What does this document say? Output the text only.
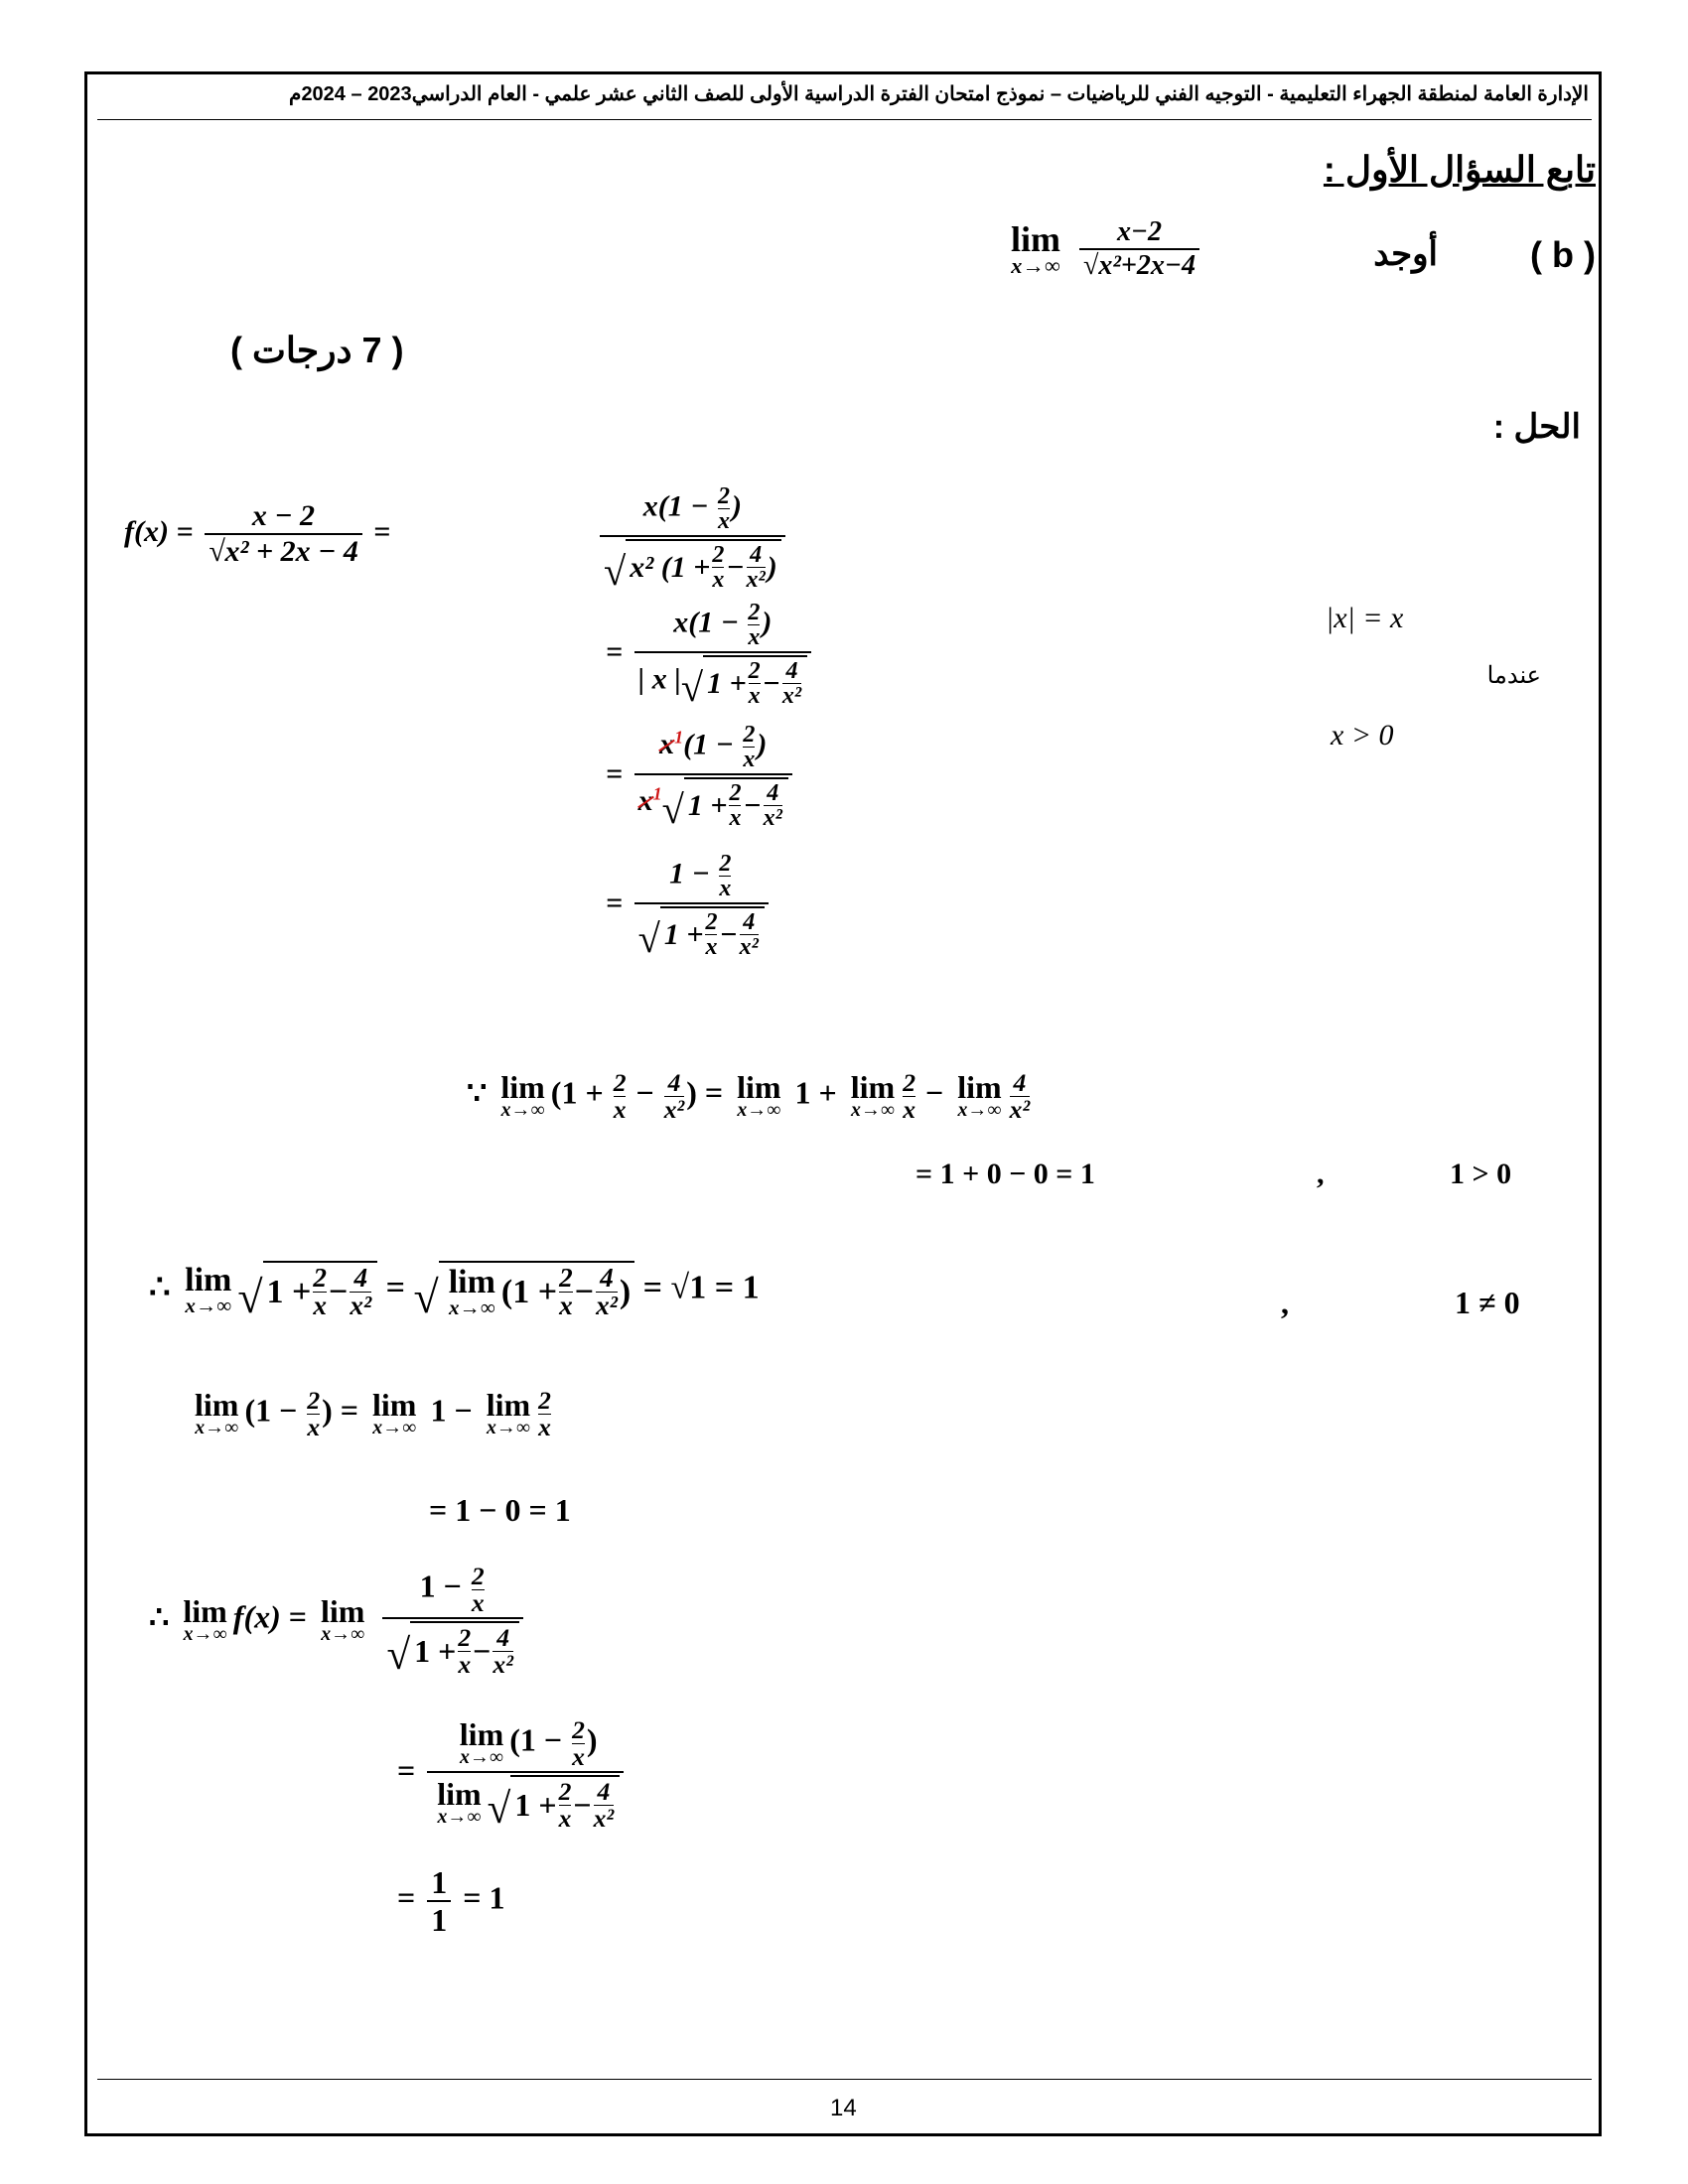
الإدارة العامة لمنطقة الجهراء التعليمية - التوجيه الفني للرياضيات – نموذج امتحان الفترة الدراسية الأولى للصف الثاني عشر علمي - العام الدراسي2023 – 2024م
تابع السؤال الأول :
( b )
أوجد
lim
x→∞
$\frac{x-2}{\text{√x²+2x−4}}$
( 7 درجات )
الحل :
|x| = x
عندما
x > 0
$f(x) = \frac{x - 2}{\text{√x² + 2x − 4}}$ =	$x(1 - \frac{2}{x}$ )
√ x² (1 + 2
x − 4
x² )
= $x(1 - \frac{2}{x}$ )
| x | √ 1 + 2
x − 4
x²
= $x^1(1 - \frac{2}{x}$ )
$x^1$ √ 1 + 2
x − 4
x²
= $1 - \frac{2}{x}$
√ 1 + 2
x − 4
x²
∵ lim
x→∞ ($1 + \frac{2}{x} - \frac{4}{\text{x²}}$ ) = lim
x→∞ 1 + lim
$x\to\infty \frac{2}{x} - \lim$
$x\to\infty \frac{4}{\text{x²}}$
= 1 + 0 − 0 = 1	,	1 > 0
∴ lim
x→∞ √ 1 + 2
x − 4
x² = √ lim
x→∞ (1 + 2
x − 4
x² ) = √1 = 1	,	1 ≠ 0
lim
x→∞ ($1 - \frac{2}{x}$ ) = lim
x→∞ 1 − lim
$x\to\infty \frac{2}{x}$
= 1 − 0 = 1
∴ lim
x→∞ f(x) = lim
x→∞
$1 - \frac{2}{x}$
√ 1 + 2
x − 4
x²
= lim
x→∞ ($1 - \frac{2}{x}$ )
lim
x→∞ √ 1 + 2
x − 4
x²
= $\frac{1}{1} = 1$
14
